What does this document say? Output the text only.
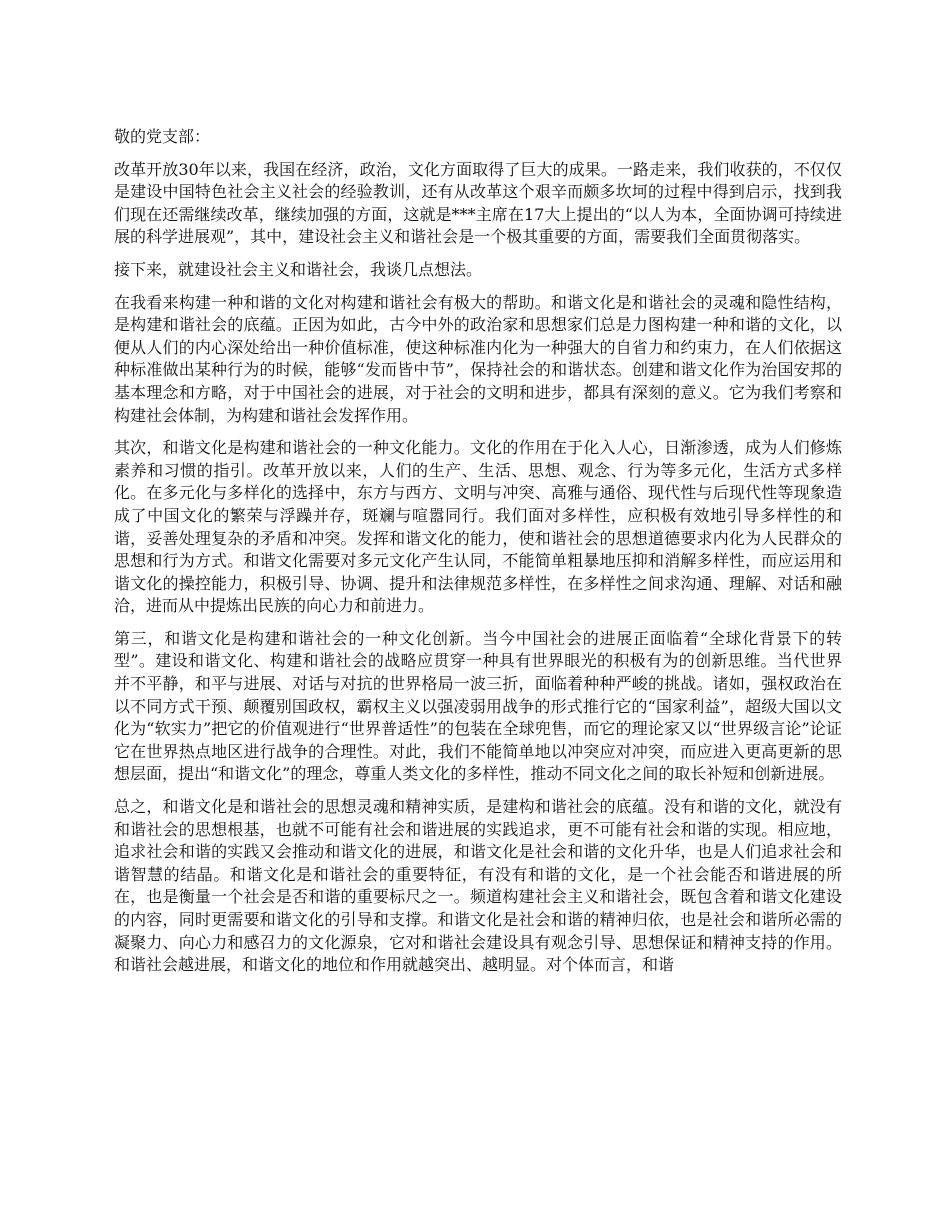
敬的党支部：

改革开放30年以来，我国在经济，政治，文化方面取得了巨大的成果。一路走来，我们收获的，不仅仅是建设中国特色社会主义社会的经验教训，还有从改革这个艰辛而颇多坎坷的过程中得到启示，找到我们现在还需继续改革，继续加强的方面，这就是***主席在17大上提出的“以人为本，全面协调可持续进展的科学进展观”，其中，建设社会主义和谐社会是一个极其重要的方面，需要我们全面贯彻落实。

接下来，就建设社会主义和谐社会，我谈几点想法。

在我看来构建一种和谐的文化对构建和谐社会有极大的帮助。和谐文化是和谐社会的灵魂和隐性结构，是构建和谐社会的底蕴。正因为如此，古今中外的政治家和思想家们总是力图构建一种和谐的文化，以便从人们的内心深处给出一种价值标准，使这种标准内化为一种强大的自省力和约束力，在人们依据这种标准做出某种行为的时候，能够“发而皆中节”，保持社会的和谐状态。创建和谐文化作为治国安邦的基本理念和方略，对于中国社会的进展，对于社会的文明和进步，都具有深刻的意义。它为我们考察和构建社会体制，为构建和谐社会发挥作用。

其次，和谐文化是构建和谐社会的一种文化能力。文化的作用在于化入人心，日渐渗透，成为人们修炼素养和习惯的指引。改革开放以来，人们的生产、生活、思想、观念、行为等多元化，生活方式多样化。在多元化与多样化的选择中，东方与西方、文明与冲突、高雅与通俗、现代性与后现代性等现象造成了中国文化的繁荣与浮躁并存，斑斓与喧嚣同行。我们面对多样性，应积极有效地引导多样性的和谐，妥善处理复杂的矛盾和冲突。发挥和谐文化的能力，使和谐社会的思想道德要求内化为人民群众的思想和行为方式。和谐文化需要对多元文化产生认同，不能简单粗暴地压抑和消解多样性，而应运用和谐文化的操控能力，积极引导、协调、提升和法律规范多样性，在多样性之间求沟通、理解、对话和融洽，进而从中提炼出民族的向心力和前进力。

第三，和谐文化是构建和谐社会的一种文化创新。当今中国社会的进展正面临着“全球化背景下的转型”。建设和谐文化、构建和谐社会的战略应贯穿一种具有世界眼光的积极有为的创新思维。当代世界并不平静，和平与进展、对话与对抗的世界格局一波三折，面临着种种严峻的挑战。诸如，强权政治在以不同方式干预、颠覆别国政权，霸权主义以强凌弱用战争的形式推行它的“国家利益”，超级大国以文化为“软实力”把它的价值观进行“世界普适性”的包装在全球兜售，而它的理论家又以“世界级言论”论证它在世界热点地区进行战争的合理性。对此，我们不能简单地以冲突应对冲突，而应进入更高更新的思想层面，提出“和谐文化”的理念，尊重人类文化的多样性，推动不同文化之间的取长补短和创新进展。

总之，和谐文化是和谐社会的思想灵魂和精神实质，是建构和谐社会的底蕴。没有和谐的文化，就没有和谐社会的思想根基，也就不可能有社会和谐进展的实践追求，更不可能有社会和谐的实现。相应地，追求社会和谐的实践又会推动和谐文化的进展，和谐文化是社会和谐的文化升华，也是人们追求社会和谐智慧的结晶。和谐文化是和谐社会的重要特征，有没有和谐的文化，是一个社会能否和谐进展的所在，也是衡量一个社会是否和谐的重要标尺之一。频道构建社会主义和谐社会，既包含着和谐文化建设的内容，同时更需要和谐文化的引导和支撑。和谐文化是社会和谐的精神归依，也是社会和谐所必需的凝聚力、向心力和感召力的文化源泉，它对和谐社会建设具有观念引导、思想保证和精神支持的作用。和谐社会越进展，和谐文化的地位和作用就越突出、越明显。对个体而言，和谐
